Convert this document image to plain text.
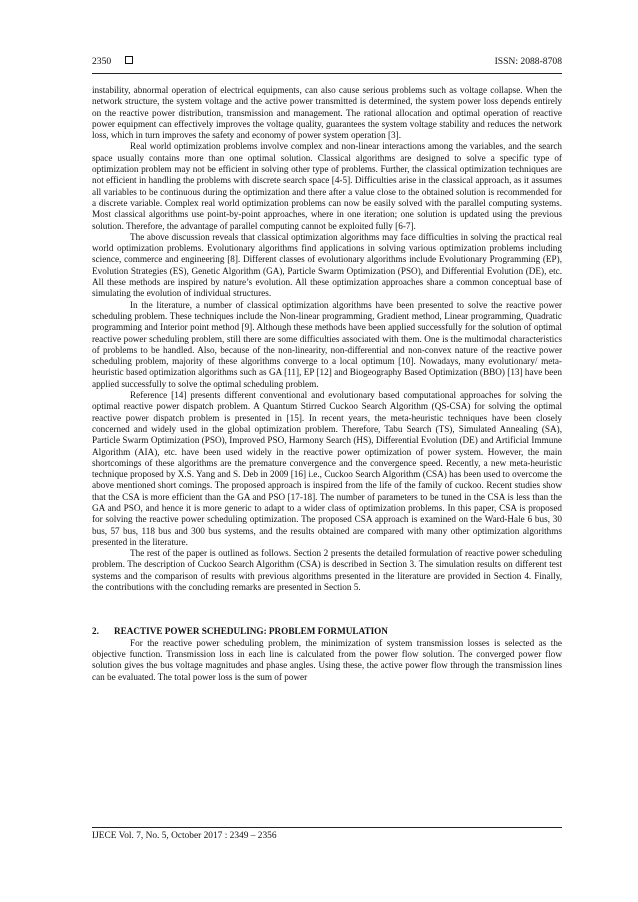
2350	ISSN: 2088-8708

instability, abnormal operation of electrical equipments, can also cause serious problems such as voltage collapse. When the network structure, the system voltage and the active power transmitted is determined, the system power loss depends entirely on the reactive power distribution, transmission and management. The rational allocation and optimal operation of reactive power equipment can effectively improves the voltage quality, guarantees the system voltage stability and reduces the network loss, which in turn improves the safety and economy of power system operation [3].

Real world optimization problems involve complex and non-linear interactions among the variables, and the search space usually contains more than one optimal solution. Classical algorithms are designed to solve a specific type of optimization problem may not be efficient in solving other type of problems. Further, the classical optimization techniques are not efficient in handling the problems with discrete search space [4-5]. Difficulties arise in the classical approach, as it assumes all variables to be continuous during the optimization and there after a value close to the obtained solution is recommended for a discrete variable. Complex real world optimization problems can now be easily solved with the parallel computing systems. Most classical algorithms use point-by-point approaches, where in one iteration; one solution is updated using the previous solution. Therefore, the advantage of parallel computing cannot be exploited fully [6-7].

The above discussion reveals that classical optimization algorithms may face difficulties in solving the practical real world optimization problems. Evolutionary algorithms find applications in solving various optimization problems including science, commerce and engineering [8]. Different classes of evolutionary algorithms include Evolutionary Programming (EP), Evolution Strategies (ES), Genetic Algorithm (GA), Particle Swarm Optimization (PSO), and Differential Evolution (DE), etc. All these methods are inspired by nature’s evolution. All these optimization approaches share a common conceptual base of simulating the evolution of individual structures.

In the literature, a number of classical optimization algorithms have been presented to solve the reactive power scheduling problem. These techniques include the Non-linear programming, Gradient method, Linear programming, Quadratic programming and Interior point method [9]. Although these methods have been applied successfully for the solution of optimal reactive power scheduling problem, still there are some difficulties associated with them. One is the multimodal characteristics of problems to be handled. Also, because of the non-linearity, non-differential and non-convex nature of the reactive power scheduling problem, majority of these algorithms converge to a local optimum [10]. Nowadays, many evolutionary/ meta-heuristic based optimization algorithms such as GA [11], EP [12] and Biogeography Based Optimization (BBO) [13] have been applied successfully to solve the optimal scheduling problem.

Reference [14] presents different conventional and evolutionary based computational approaches for solving the optimal reactive power dispatch problem. A Quantum Stirred Cuckoo Search Algorithm (QS-CSA) for solving the optimal reactive power dispatch problem is presented in [15]. In recent years, the meta-heuristic techniques have been closely concerned and widely used in the global optimization problem. Therefore, Tabu Search (TS), Simulated Annealing (SA), Particle Swarm Optimization (PSO), Improved PSO, Harmony Search (HS), Differential Evolution (DE) and Artificial Immune Algorithm (AIA), etc. have been used widely in the reactive power optimization of power system. However, the main shortcomings of these algorithms are the premature convergence and the convergence speed. Recently, a new meta-heuristic technique proposed by X.S. Yang and S. Deb in 2009 [16] i.e., Cuckoo Search Algorithm (CSA) has been used to overcome the above mentioned short comings. The proposed approach is inspired from the life of the family of cuckoo. Recent studies show that the CSA is more efficient than the GA and PSO [17-18]. The number of parameters to be tuned in the CSA is less than the GA and PSO, and hence it is more generic to adapt to a wider class of optimization problems. In this paper, CSA is proposed for solving the reactive power scheduling optimization. The proposed CSA approach is examined on the Ward-Hale 6 bus, 30 bus, 57 bus, 118 bus and 300 bus systems, and the results obtained are compared with many other optimization algorithms presented in the literature.

The rest of the paper is outlined as follows. Section 2 presents the detailed formulation of reactive power scheduling problem. The description of Cuckoo Search Algorithm (CSA) is described in Section 3. The simulation results on different test systems and the comparison of results with previous algorithms presented in the literature are provided in Section 4. Finally, the contributions with the concluding remarks are presented in Section 5.

2. REACTIVE POWER SCHEDULING: PROBLEM FORMULATION

For the reactive power scheduling problem, the minimization of system transmission losses is selected as the objective function. Transmission loss in each line is calculated from the power flow solution. The converged power flow solution gives the bus voltage magnitudes and phase angles. Using these, the active power flow through the transmission lines can be evaluated. The total power loss is the sum of power

IJECE Vol. 7, No. 5, October 2017 : 2349 – 2356
